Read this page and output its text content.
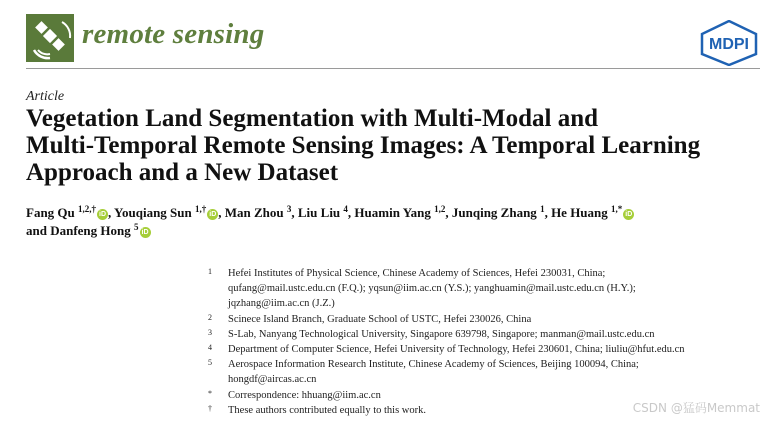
remote sensing	MDPI
Article
Vegetation Land Segmentation with Multi-Modal and
Multi-Temporal Remote Sensing Images: A Temporal Learning
Approach and a New Dataset
Fang Qu $^{1,2,\dagger}$iD , Youqiang Sun $^{1,\dagger}$iD , Man Zhou $^3$, Liu Liu $^4$, Huamin Yang $^{1,2}$, Junqing Zhang $^1$, He Huang $^{1,*}$iD
and Danfeng Hong $^5$iD
1 Hefei Institutes of Physical Science, Chinese Academy of Sciences, Hefei 230031, China;
qufang@mail.ustc.edu.cn (F.Q.); yqsun@iim.ac.cn (Y.S.); yanghuamin@mail.ustc.edu.cn (H.Y.);
jqzhang@iim.ac.cn (J.Z.)
2 Scinece Island Branch, Graduate School of USTC, Hefei 230026, China
3 S-Lab, Nanyang Technological University, Singapore 639798, Singapore; manman@mail.ustc.edu.cn
4 Department of Computer Science, Hefei University of Technology, Hefei 230601, China; liuliu@hfut.edu.cn
5 Aerospace Information Research Institute, Chinese Academy of Sciences, Beijing 100094, China;
hongdf@aircas.ac.cn
* Correspondence: hhuang@iim.ac.cn
† These authors contributed equally to this work.	CSDN @猛码Memmat
